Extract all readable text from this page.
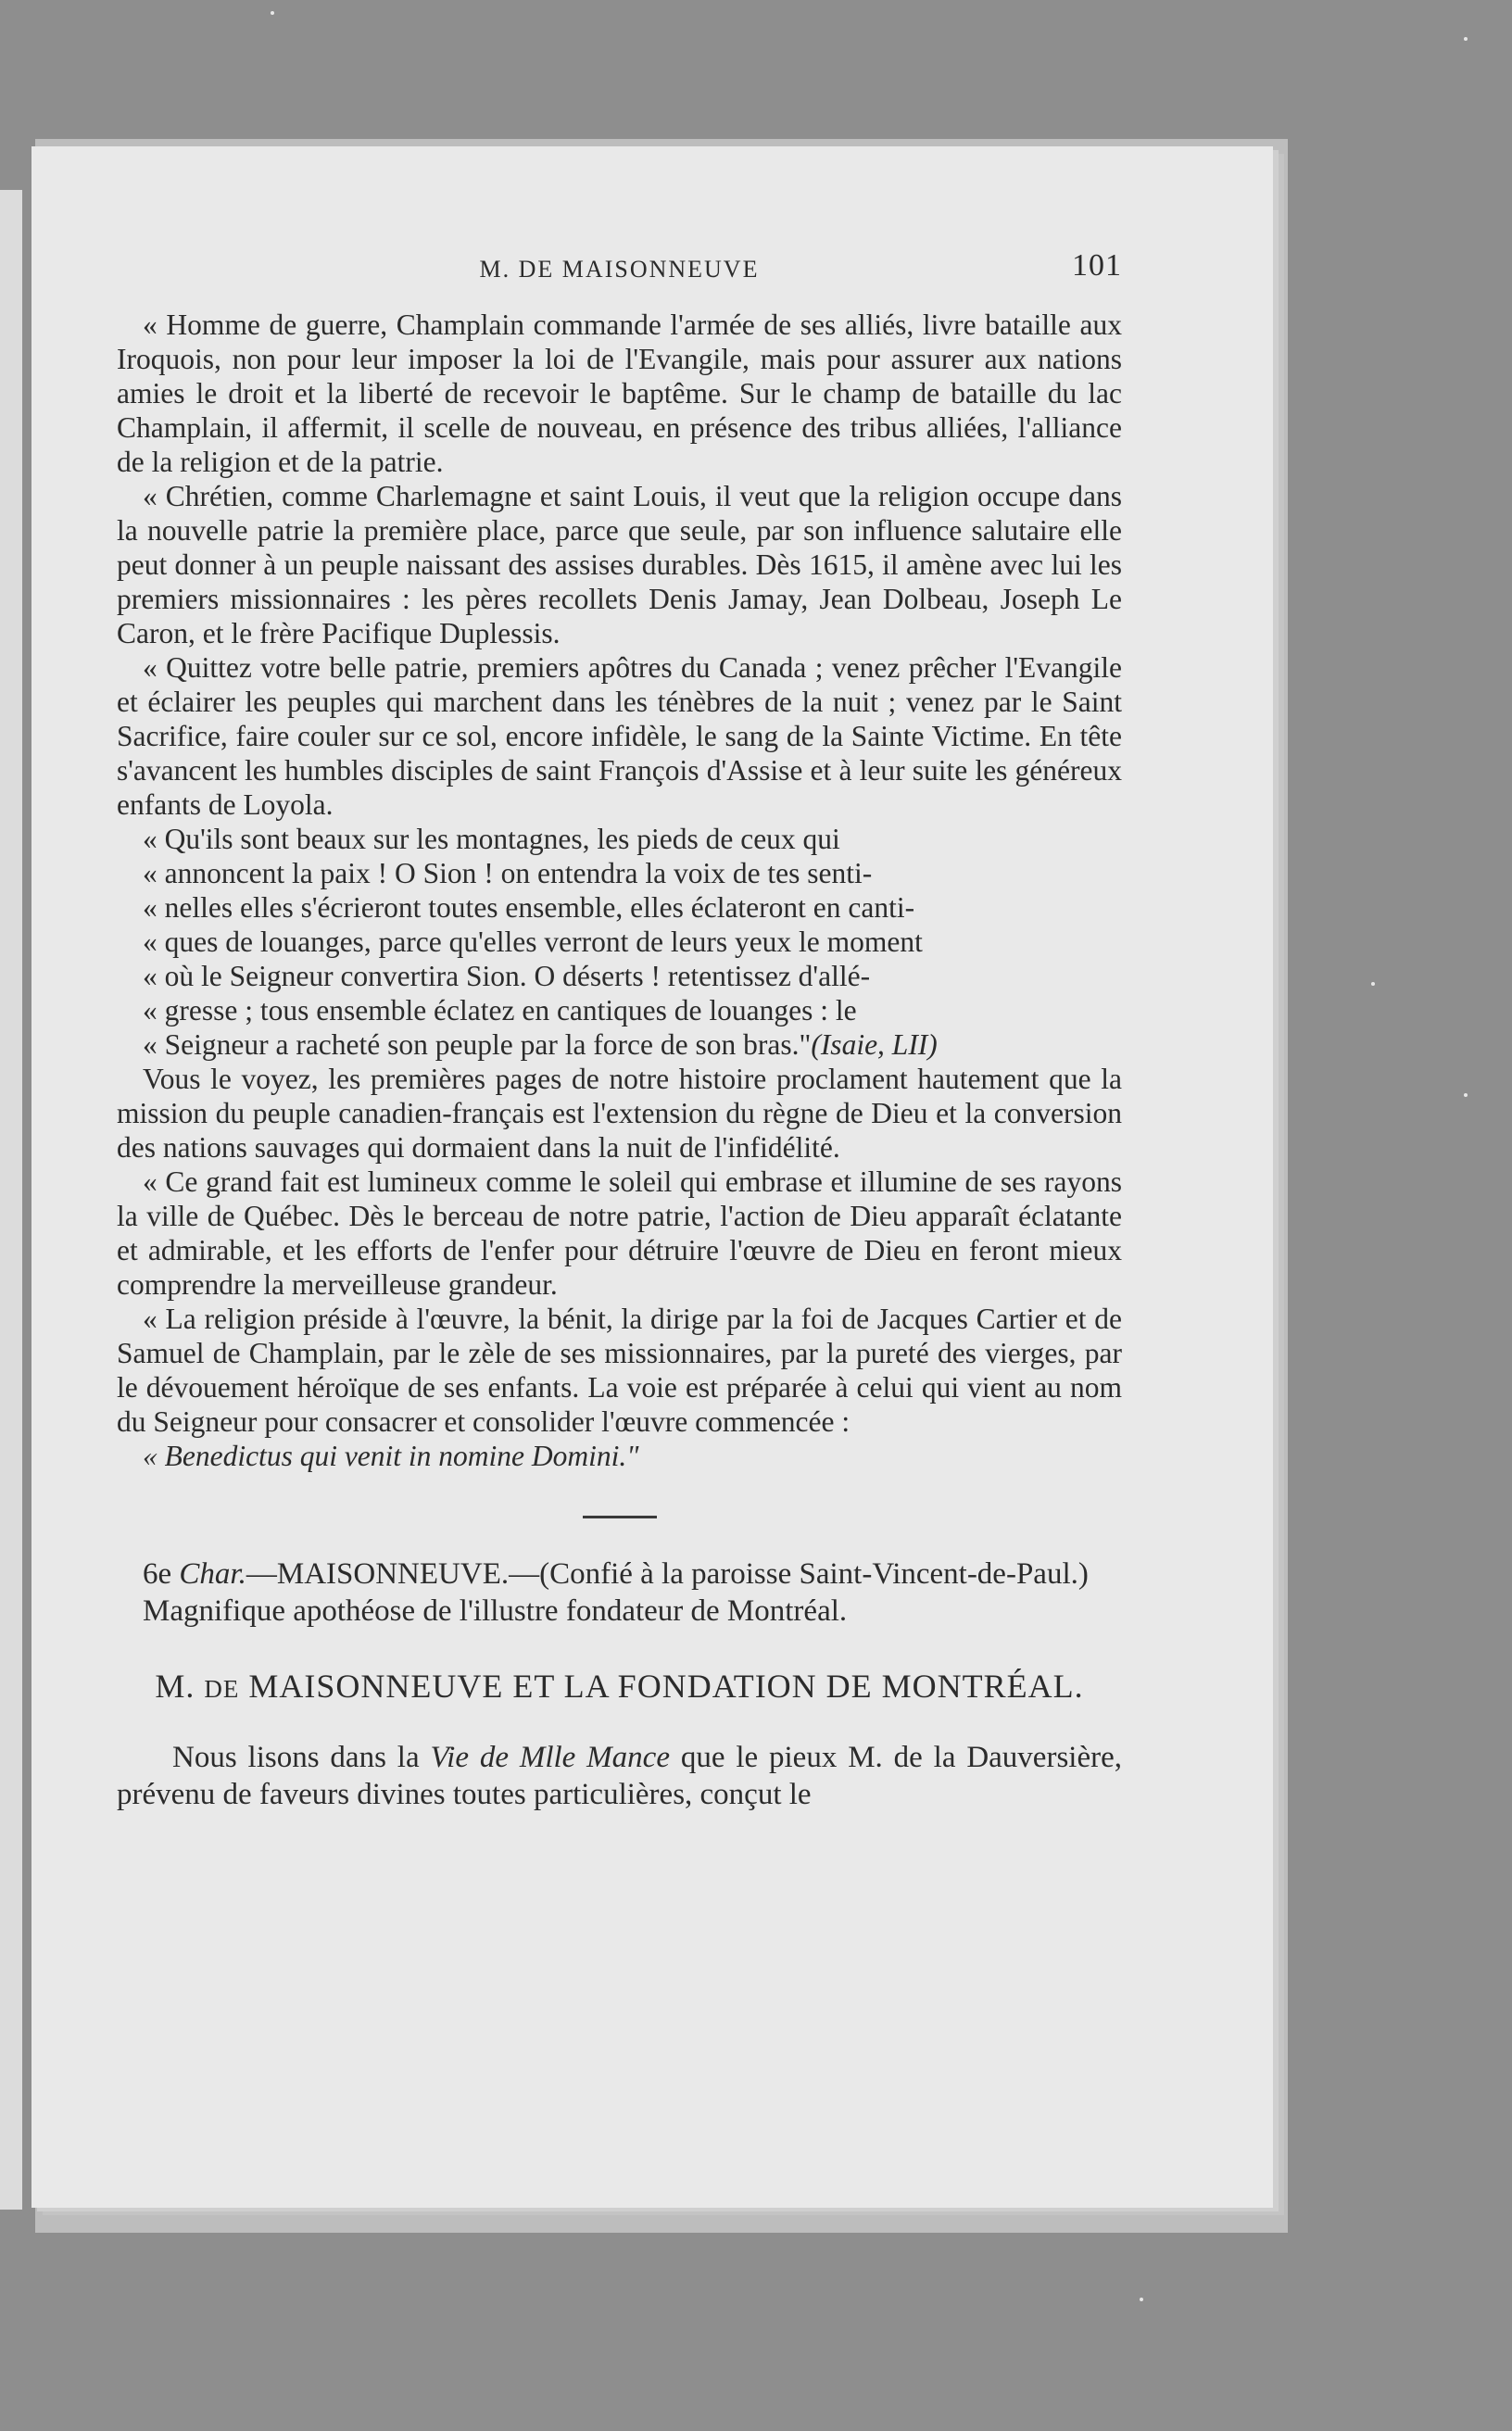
M. DE MAISONNEUVE	101

« Homme de guerre, Champlain commande l'armée de ses alliés, livre bataille aux Iroquois, non pour leur imposer la loi de l'Evangile, mais pour assurer aux nations amies le droit et la liberté de recevoir le baptême. Sur le champ de bataille du lac Champlain, il affermit, il scelle de nouveau, en présence des tribus alliées, l'alliance de la religion et de la patrie.

« Chrétien, comme Charlemagne et saint Louis, il veut que la religion occupe dans la nouvelle patrie la première place, parce que seule, par son influence salutaire elle peut donner à un peuple naissant des assises durables. Dès 1615, il amène avec lui les premiers missionnaires : les pères recollets Denis Jamay, Jean Dolbeau, Joseph Le Caron, et le frère Pacifique Duplessis.

« Quittez votre belle patrie, premiers apôtres du Canada ; venez prêcher l'Evangile et éclairer les peuples qui marchent dans les ténèbres de la nuit ; venez par le Saint Sacrifice, faire couler sur ce sol, encore infidèle, le sang de la Sainte Victime. En tête s'avancent les humbles disciples de saint François d'Assise et à leur suite les généreux enfants de Loyola.

« Qu'ils sont beaux sur les montagnes, les pieds de ceux qui
« annoncent la paix ! O Sion ! on entendra la voix de tes senti-
« nelles elles s'écrieront toutes ensemble, elles éclateront en canti-
« ques de louanges, parce qu'elles verront de leurs yeux le moment
« où le Seigneur convertira Sion. O déserts ! retentissez d'allé-
« gresse ; tous ensemble éclatez en cantiques de louanges : le
« Seigneur a racheté son peuple par la force de son bras."(Isaie, LII)

Vous le voyez, les premières pages de notre histoire proclament hautement que la mission du peuple canadien-français est l'extension du règne de Dieu et la conversion des nations sauvages qui dormaient dans la nuit de l'infidélité.

« Ce grand fait est lumineux comme le soleil qui embrase et illumine de ses rayons la ville de Québec. Dès le berceau de notre patrie, l'action de Dieu apparaît éclatante et admirable, et les efforts de l'enfer pour détruire l'œuvre de Dieu en feront mieux comprendre la merveilleuse grandeur.

« La religion préside à l'œuvre, la bénit, la dirige par la foi de Jacques Cartier et de Samuel de Champlain, par le zèle de ses missionnaires, par la pureté des vierges, par le dévouement héroïque de ses enfants. La voie est préparée à celui qui vient au nom du Seigneur pour consacrer et consolider l'œuvre commencée :

« Benedictus qui venit in nomine Domini."

6e Char.—MAISONNEUVE.—(Confié à la paroisse Saint-Vincent-de-Paul.)

Magnifique apothéose de l'illustre fondateur de Montréal.

M. DE MAISONNEUVE ET LA FONDATION DE MONTRÉAL.

Nous lisons dans la Vie de Mlle Mance que le pieux M. de la Dauversière, prévenu de faveurs divines toutes particulières, conçut le
